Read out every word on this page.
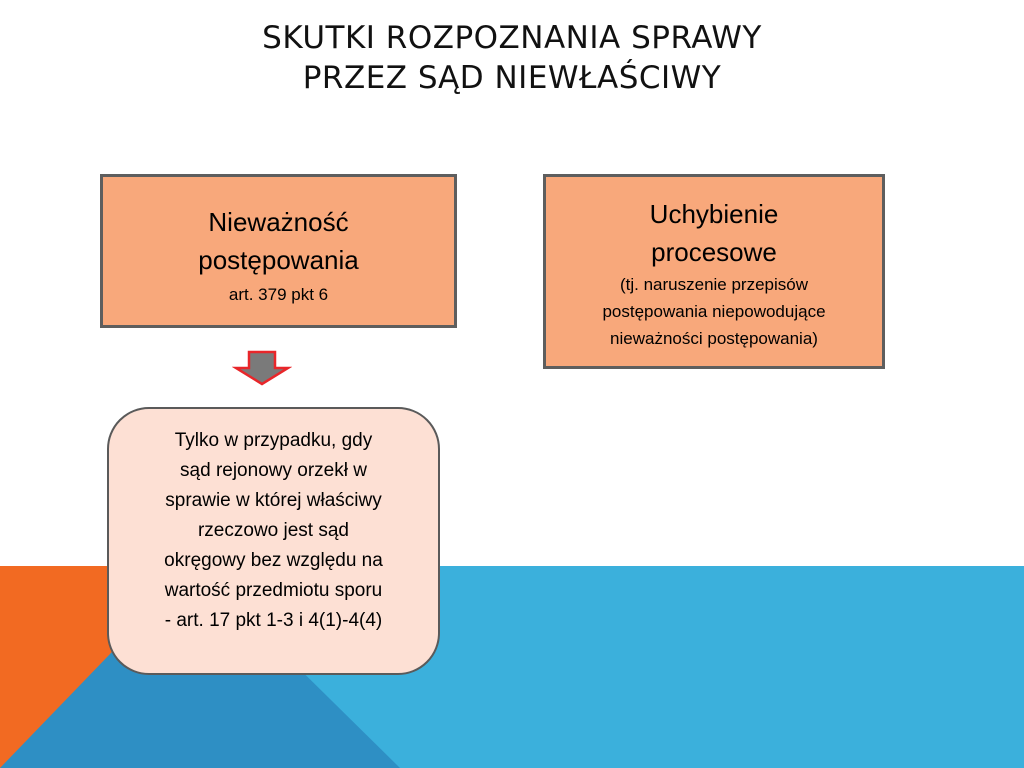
SKUTKI ROZPOZNANIA SPRAWY
PRZEZ SĄD NIEWŁAŚCIWY
Nieważność
postępowania
art. 379 pkt 6
Uchybienie
procesowe
(tj. naruszenie przepisów
postępowania niepowodujące
nieważności postępowania)
Tylko w przypadku, gdy
sąd rejonowy orzekł w
sprawie w której właściwy
rzeczowo jest sąd
okręgowy bez względu na
wartość przedmiotu sporu
- art. 17 pkt 1-3 i 4(1)-4(4)
